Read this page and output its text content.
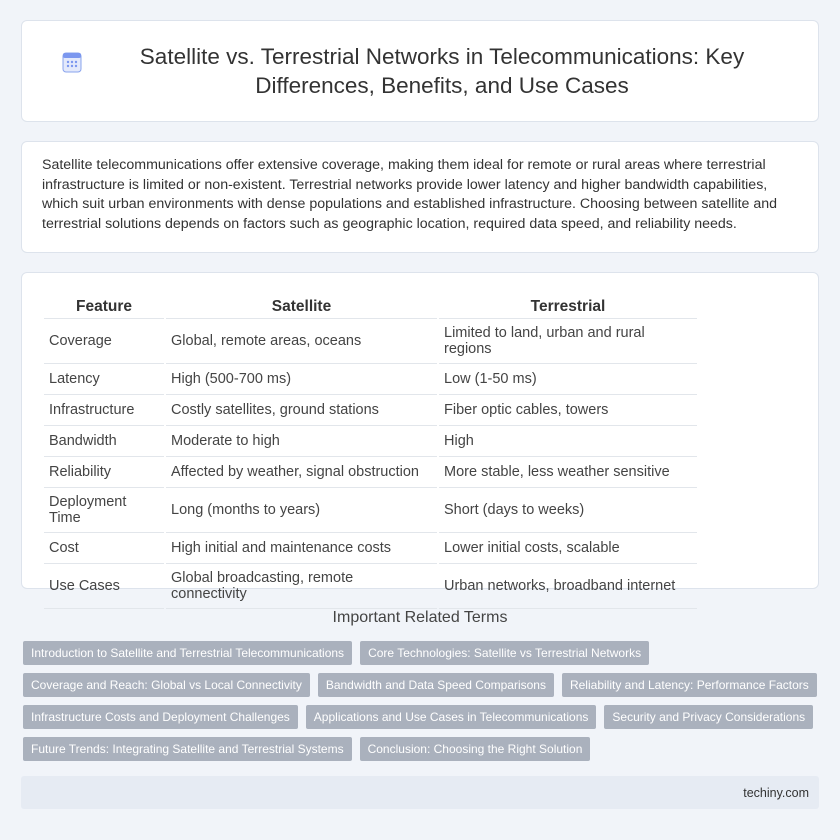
Satellite vs. Terrestrial Networks in Telecommunications: Key Differences, Benefits, and Use Cases

Satellite telecommunications offer extensive coverage, making them ideal for remote or rural areas where terrestrial infrastructure is limited or non-existent. Terrestrial networks provide lower latency and higher bandwidth capabilities, which suit urban environments with dense populations and established infrastructure. Choosing between satellite and terrestrial solutions depends on factors such as geographic location, required data speed, and reliability needs.

Feature	Satellite	Terrestrial
Coverage	Global, remote areas, oceans	Limited to land, urban and rural regions
Latency	High (500-700 ms)	Low (1-50 ms)
Infrastructure	Costly satellites, ground stations	Fiber optic cables, towers
Bandwidth	Moderate to high	High
Reliability	Affected by weather, signal obstruction	More stable, less weather sensitive
Deployment Time	Long (months to years)	Short (days to weeks)
Cost	High initial and maintenance costs	Lower initial costs, scalable
Use Cases	Global broadcasting, remote connectivity	Urban networks, broadband internet
Important Related Terms
Introduction to Satellite and Terrestrial Telecommunications	Core Technologies: Satellite vs Terrestrial Networks
Coverage and Reach: Global vs Local Connectivity	Bandwidth and Data Speed Comparisons	Reliability and Latency: Performance Factors
Infrastructure Costs and Deployment Challenges	Applications and Use Cases in Telecommunications	Security and Privacy Considerations
Future Trends: Integrating Satellite and Terrestrial Systems	Conclusion: Choosing the Right Solution
techiny.com
